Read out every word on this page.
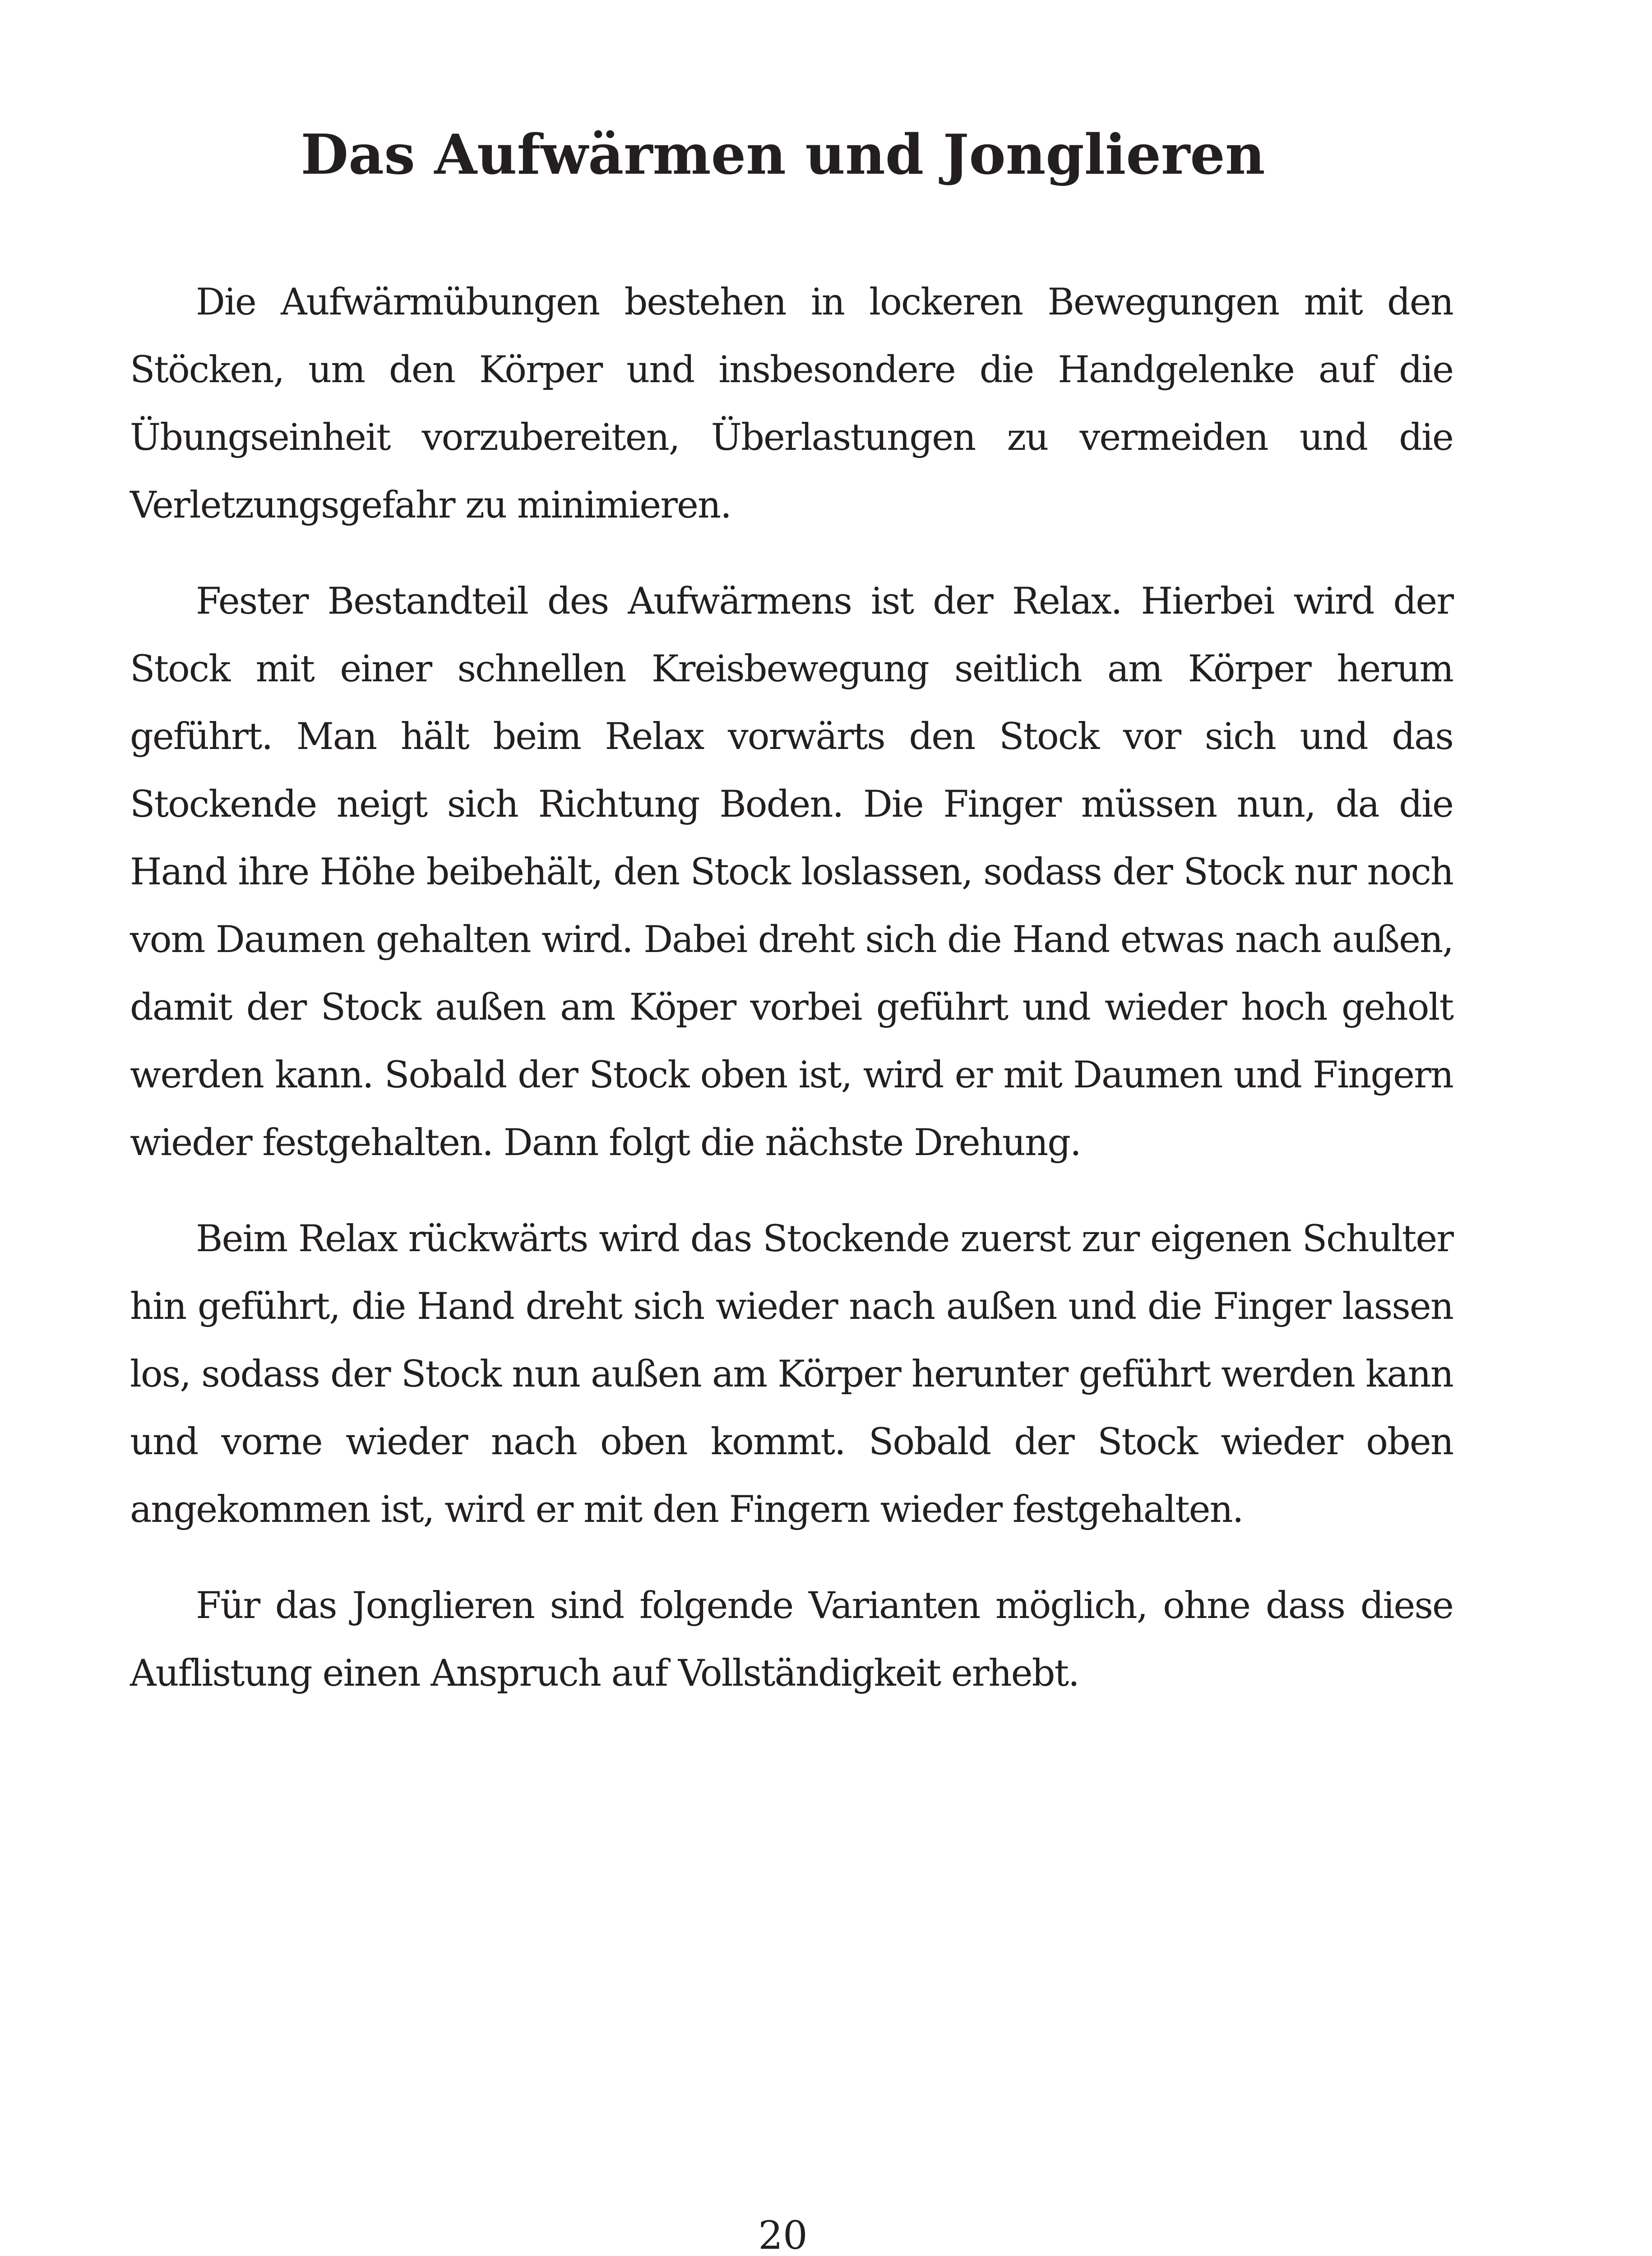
Das Aufwärmen und Jonglieren

Die Aufwärmübungen bestehen in lockeren Bewegungen mit den Stöcken, um den Körper und insbesondere die Handgelenke auf die Übungseinheit vorzubereiten, Überlastungen zu vermeiden und die Verletzungsgefahr zu minimieren.

Fester Bestandteil des Aufwärmens ist der Relax. Hierbei wird der Stock mit einer schnellen Kreisbewegung seitlich am Körper herum geführt. Man hält beim Relax vorwärts den Stock vor sich und das Stockende neigt sich Richtung Boden. Die Finger müssen nun, da die Hand ihre Höhe beibehält, den Stock loslassen, sodass der Stock nur noch vom Daumen gehalten wird. Dabei dreht sich die Hand etwas nach außen, damit der Stock außen am Köper vorbei geführt und wieder hoch geholt werden kann. Sobald der Stock oben ist, wird er mit Daumen und Fingern wieder festgehalten. Dann folgt die nächste Drehung.

Beim Relax rückwärts wird das Stockende zuerst zur eigenen Schulter hin geführt, die Hand dreht sich wieder nach außen und die Finger lassen los, sodass der Stock nun außen am Körper herunter geführt werden kann und vorne wieder nach oben kommt. Sobald der Stock wieder oben angekommen ist, wird er mit den Fingern wieder festgehalten.

Für das Jonglieren sind folgende Varianten möglich, ohne dass diese Auflistung einen Anspruch auf Vollständigkeit erhebt.

20
